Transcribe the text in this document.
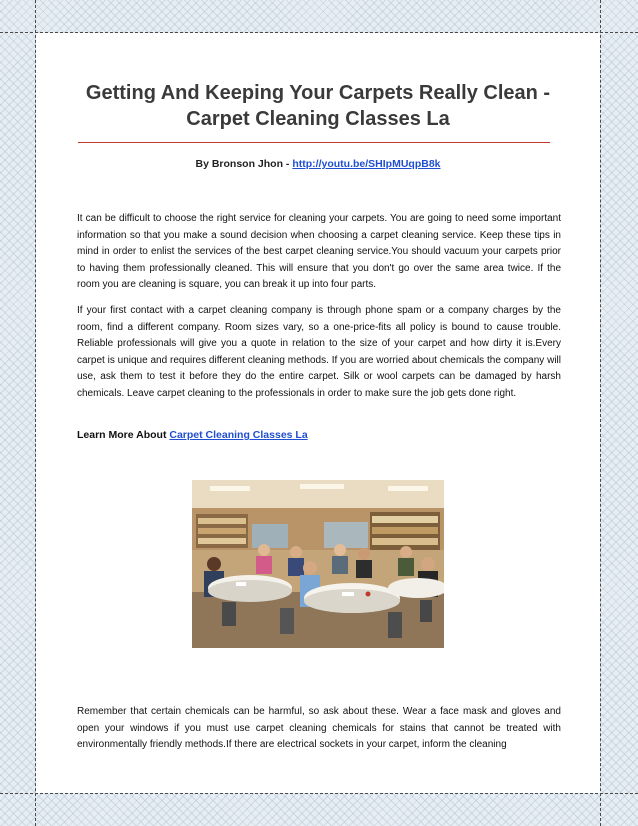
Getting And Keeping Your Carpets Really Clean - Carpet Cleaning Classes La
By Bronson Jhon - http://youtu.be/SHIpMUqpB8k

It can be difficult to choose the right service for cleaning your carpets. You are going to need some important information so that you make a sound decision when choosing a carpet cleaning service. Keep these tips in mind in order to enlist the services of the best carpet cleaning service.You should vacuum your carpets prior to having them professionally cleaned. This will ensure that you don't go over the same area twice. If the room you are cleaning is square, you can break it up into four parts.

If your first contact with a carpet cleaning company is through phone spam or a company charges by the room, find a different company. Room sizes vary, so a one-price-fits all policy is bound to cause trouble. Reliable professionals will give you a quote in relation to the size of your carpet and how dirty it is.Every carpet is unique and requires different cleaning methods. If you are worried about chemicals the company will use, ask them to test it before they do the entire carpet. Silk or wool carpets can be damaged by harsh chemicals. Leave carpet cleaning to the professionals in order to make sure the job gets done right.

Learn More About Carpet Cleaning Classes La

Remember that certain chemicals can be harmful, so ask about these. Wear a face mask and gloves and open your windows if you must use carpet cleaning chemicals for stains that cannot be treated with environmentally friendly methods.If there are electrical sockets in your carpet, inform the cleaning
